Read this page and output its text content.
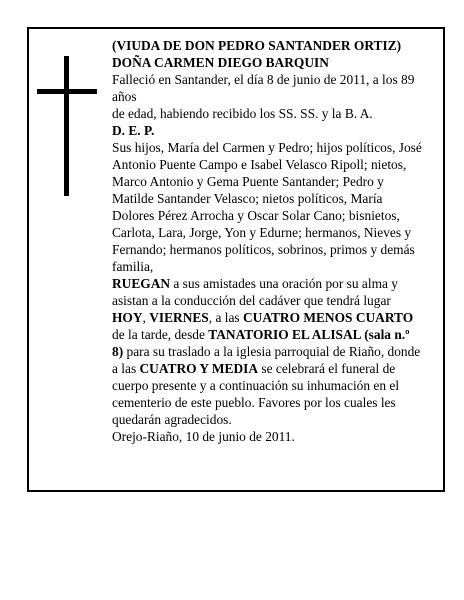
(VIUDA DE DON PEDRO SANTANDER ORTIZ)

DOÑA CARMEN DIEGO BARQUIN

Falleció en Santander, el día 8 de junio de 2011, a los 89 años

de edad, habiendo recibido los SS. SS. y la B. A.

D. E. P.

Sus hijos, María del Carmen y Pedro; hijos políticos, José Antonio Puente Campo e Isabel Velasco Ripoll; nietos, Marco Antonio y Gema Puente Santander; Pedro y Matilde Santander Velasco; nietos políticos, María Dolores Pérez Arrocha y Oscar Solar Cano; bisnietos, Carlota, Lara, Jorge, Yon y Edurne; hermanos, Nieves y Fernando; hermanos políticos, sobrinos, primos y demás familia,

RUEGAN a sus amistades una oración por su alma y asistan a la conducción del cadáver que tendrá lugar HOY, VIERNES, a las CUATRO MENOS CUARTO de la tarde, desde TANATORIO EL ALISAL (sala n.º 8) para su traslado a la iglesia parroquial de Riaño, donde a las CUATRO Y MEDIA se celebrará el funeral de cuerpo presente y a continuación su inhumación en el cementerio de este pueblo. Favores por los cuales les quedarán agradecidos.

Orejo-Riaño, 10 de junio de 2011.
